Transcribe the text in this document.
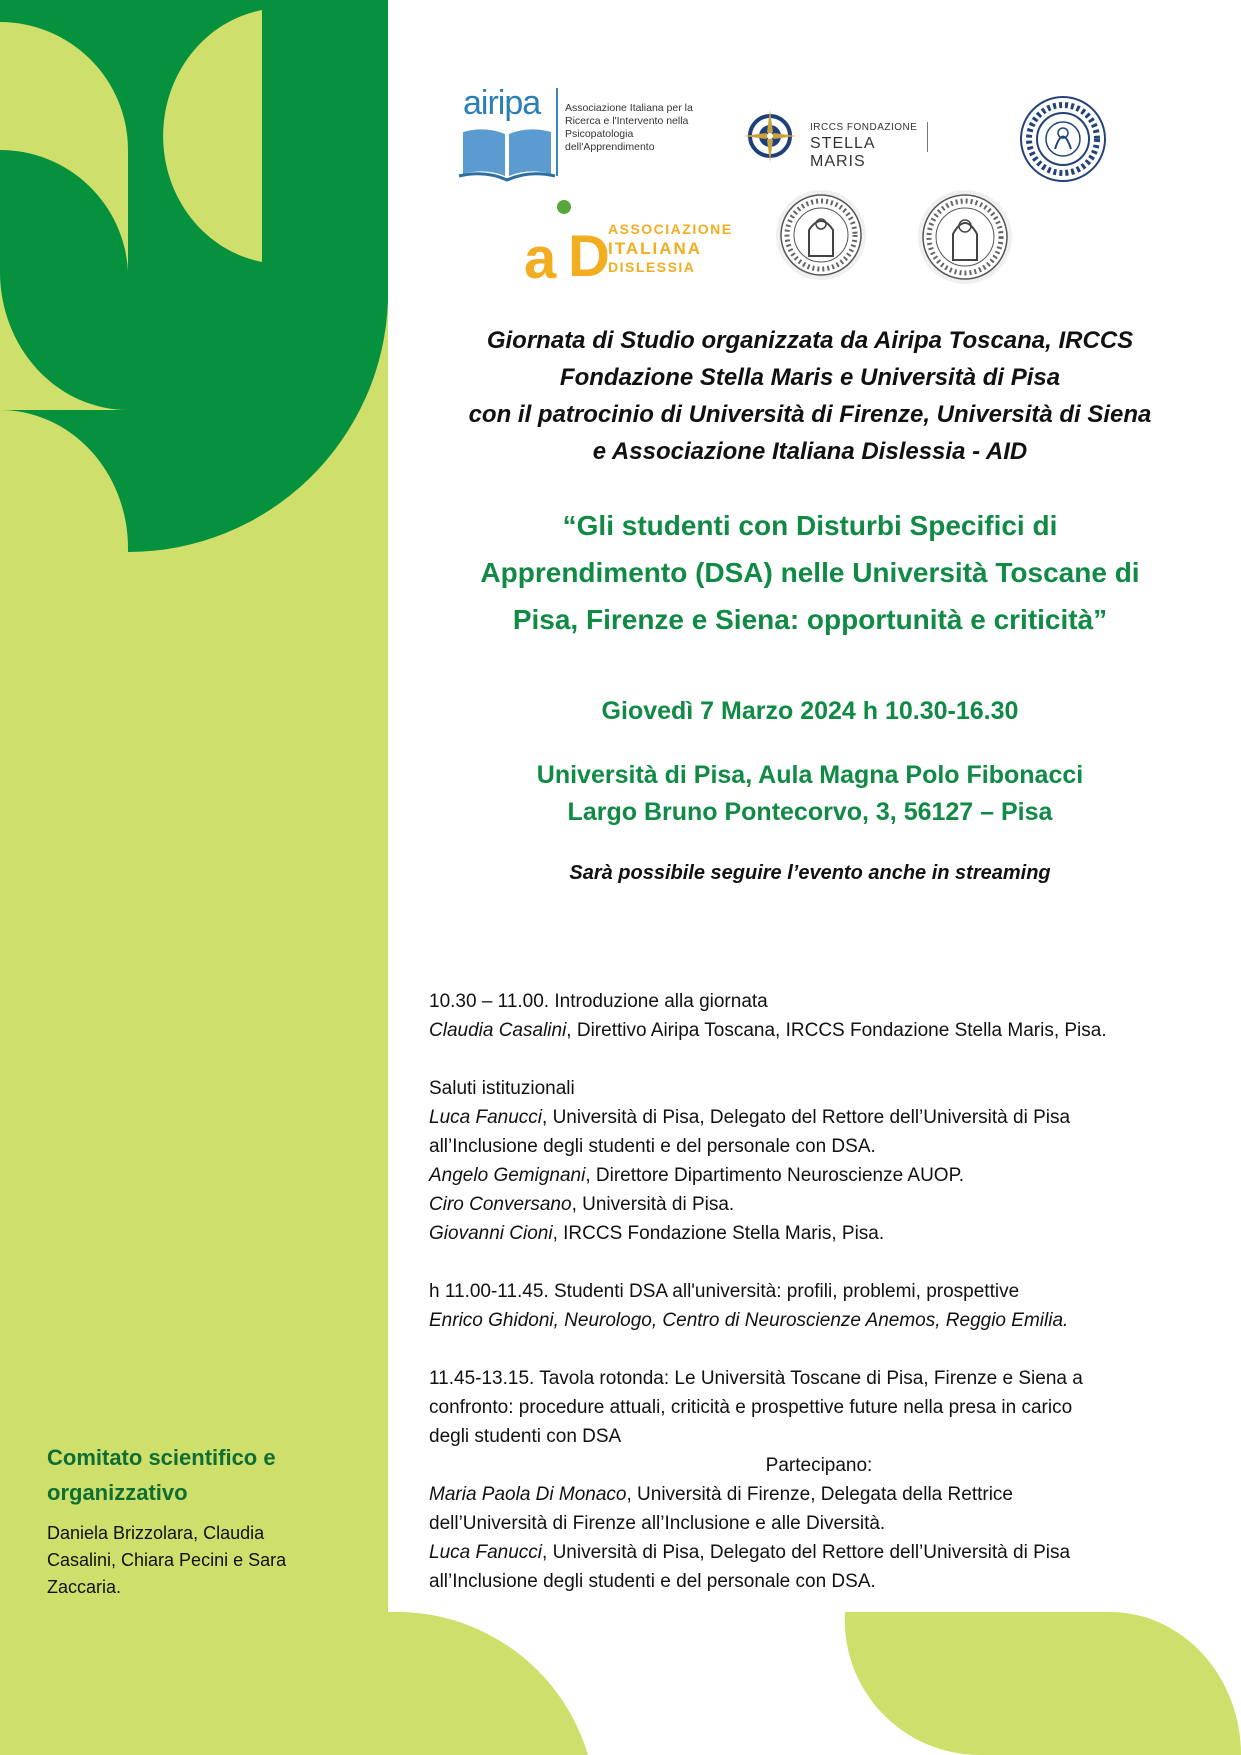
airipa Associazione Italiana per la
Ricerca e l'Intervento nella
Psicopatologia
dell'Apprendimento
IRCCS FONDAZIONE
STELLA MARIS
a D
ASSOCIAZIONE
ITALIANA
DISLESSIA
Giornata di Studio organizzata da Airipa Toscana, IRCCS
Fondazione Stella Maris e Università di Pisa
con il patrocinio di Università di Firenze, Università di Siena
e Associazione Italiana Dislessia - AID
“Gli studenti con Disturbi Specifici di
Apprendimento (DSA) nelle Università Toscane di
Pisa, Firenze e Siena: opportunità e criticità”
Giovedì 7 Marzo 2024 h 10.30-16.30
Università di Pisa, Aula Magna Polo Fibonacci
Largo Bruno Pontecorvo, 3, 56127 – Pisa
Sarà possibile seguire l’evento anche in streaming

10.30 – 11.00. Introduzione alla giornata

Claudia Casalini, Direttivo Airipa Toscana, IRCCS Fondazione Stella Maris, Pisa.

Saluti istituzionali

Luca Fanucci, Università di Pisa, Delegato del Rettore dell’Università di Pisa

all’Inclusione degli studenti e del personale con DSA.

Angelo Gemignani, Direttore Dipartimento Neuroscienze AUOP.

Ciro Conversano, Università di Pisa.

Giovanni Cioni, IRCCS Fondazione Stella Maris, Pisa.

h 11.00-11.45. Studenti DSA all'università: profili, problemi, prospettive

Enrico Ghidoni, Neurologo, Centro di Neuroscienze Anemos, Reggio Emilia.

11.45-13.15. Tavola rotonda: Le Università Toscane di Pisa, Firenze e Siena a

confronto: procedure attuali, criticità e prospettive future nella presa in carico

degli studenti con DSA

Partecipano:

Maria Paola Di Monaco, Università di Firenze, Delegata della Rettrice

dell’Università di Firenze all’Inclusione e alle Diversità.

Luca Fanucci, Università di Pisa, Delegato del Rettore dell’Università di Pisa

all’Inclusione degli studenti e del personale con DSA.

Comitato scientifico e
organizzativo
Daniela Brizzolara, Claudia
Casalini, Chiara Pecini e Sara
Zaccaria.
